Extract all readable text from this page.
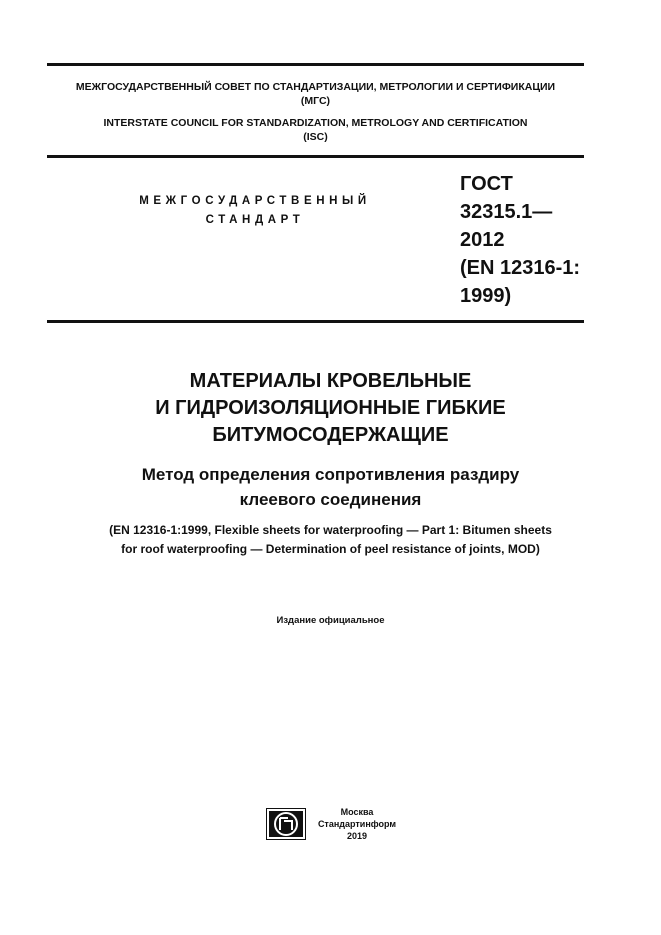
МЕЖГОСУДАРСТВЕННЫЙ СОВЕТ ПО СТАНДАРТИЗАЦИИ, МЕТРОЛОГИИ И СЕРТИФИКАЦИИ
(МГС)
INTERSTATE COUNCIL FOR STANDARDIZATION, METROLOGY AND CERTIFICATION
(ISC)
МЕЖГОСУДАРСТВЕННЫЙ
СТАНДАРТ
ГОСТ
32315.1—
2012
(EN 12316-1:
1999)
МАТЕРИАЛЫ КРОВЕЛЬНЫЕ
И ГИДРОИЗОЛЯЦИОННЫЕ ГИБКИЕ
БИТУМОСОДЕРЖАЩИЕ
Метод определения сопротивления раздиру
клеевого соединения
(EN 12316-1:1999, Flexible sheets for waterproofing — Part 1: Bitumen sheets
for roof waterproofing — Determination of peel resistance of joints, MOD)
Издание официальное
Москва
Стандартинформ
2019
